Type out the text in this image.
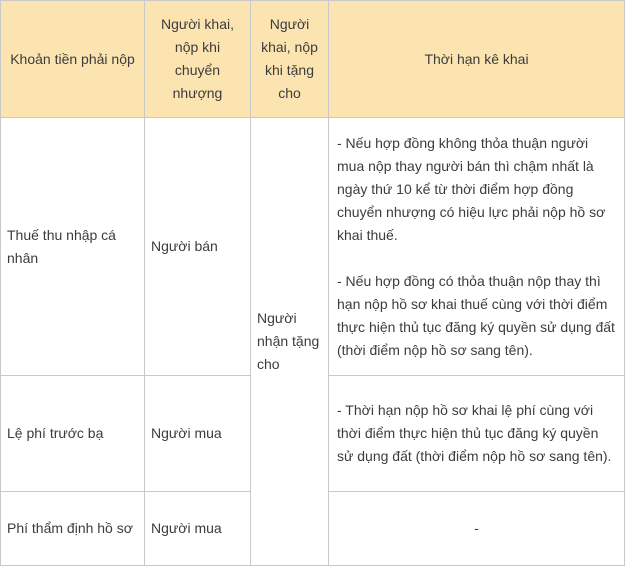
Khoản tiền phải nộp	Người khai, nộp khi chuyển nhượng	Người khai, nộp khi tặng cho	Thời hạn kê khai
Thuế thu nhập cá nhân	Người bán	Người nhận tặng cho	- Nếu hợp đồng không thỏa thuận người mua nộp thay người bán thì chậm nhất là ngày thứ 10 kể từ thời điểm hợp đồng chuyển nhượng có hiệu lực phải nộp hồ sơ khai thuế.

- Nếu hợp đồng có thỏa thuận nộp thay thì hạn nộp hồ sơ khai thuế cùng với thời điểm thực hiện thủ tục đăng ký quyền sử dụng đất (thời điểm nộp hồ sơ sang tên).

Lệ phí trước bạ	Người mua		- Thời hạn nộp hồ sơ khai lệ phí cùng với thời điểm thực hiện thủ tục đăng ký quyền sử dụng đất (thời điểm nộp hồ sơ sang tên).

Phí thẩm định hồ sơ	Người mua		-
